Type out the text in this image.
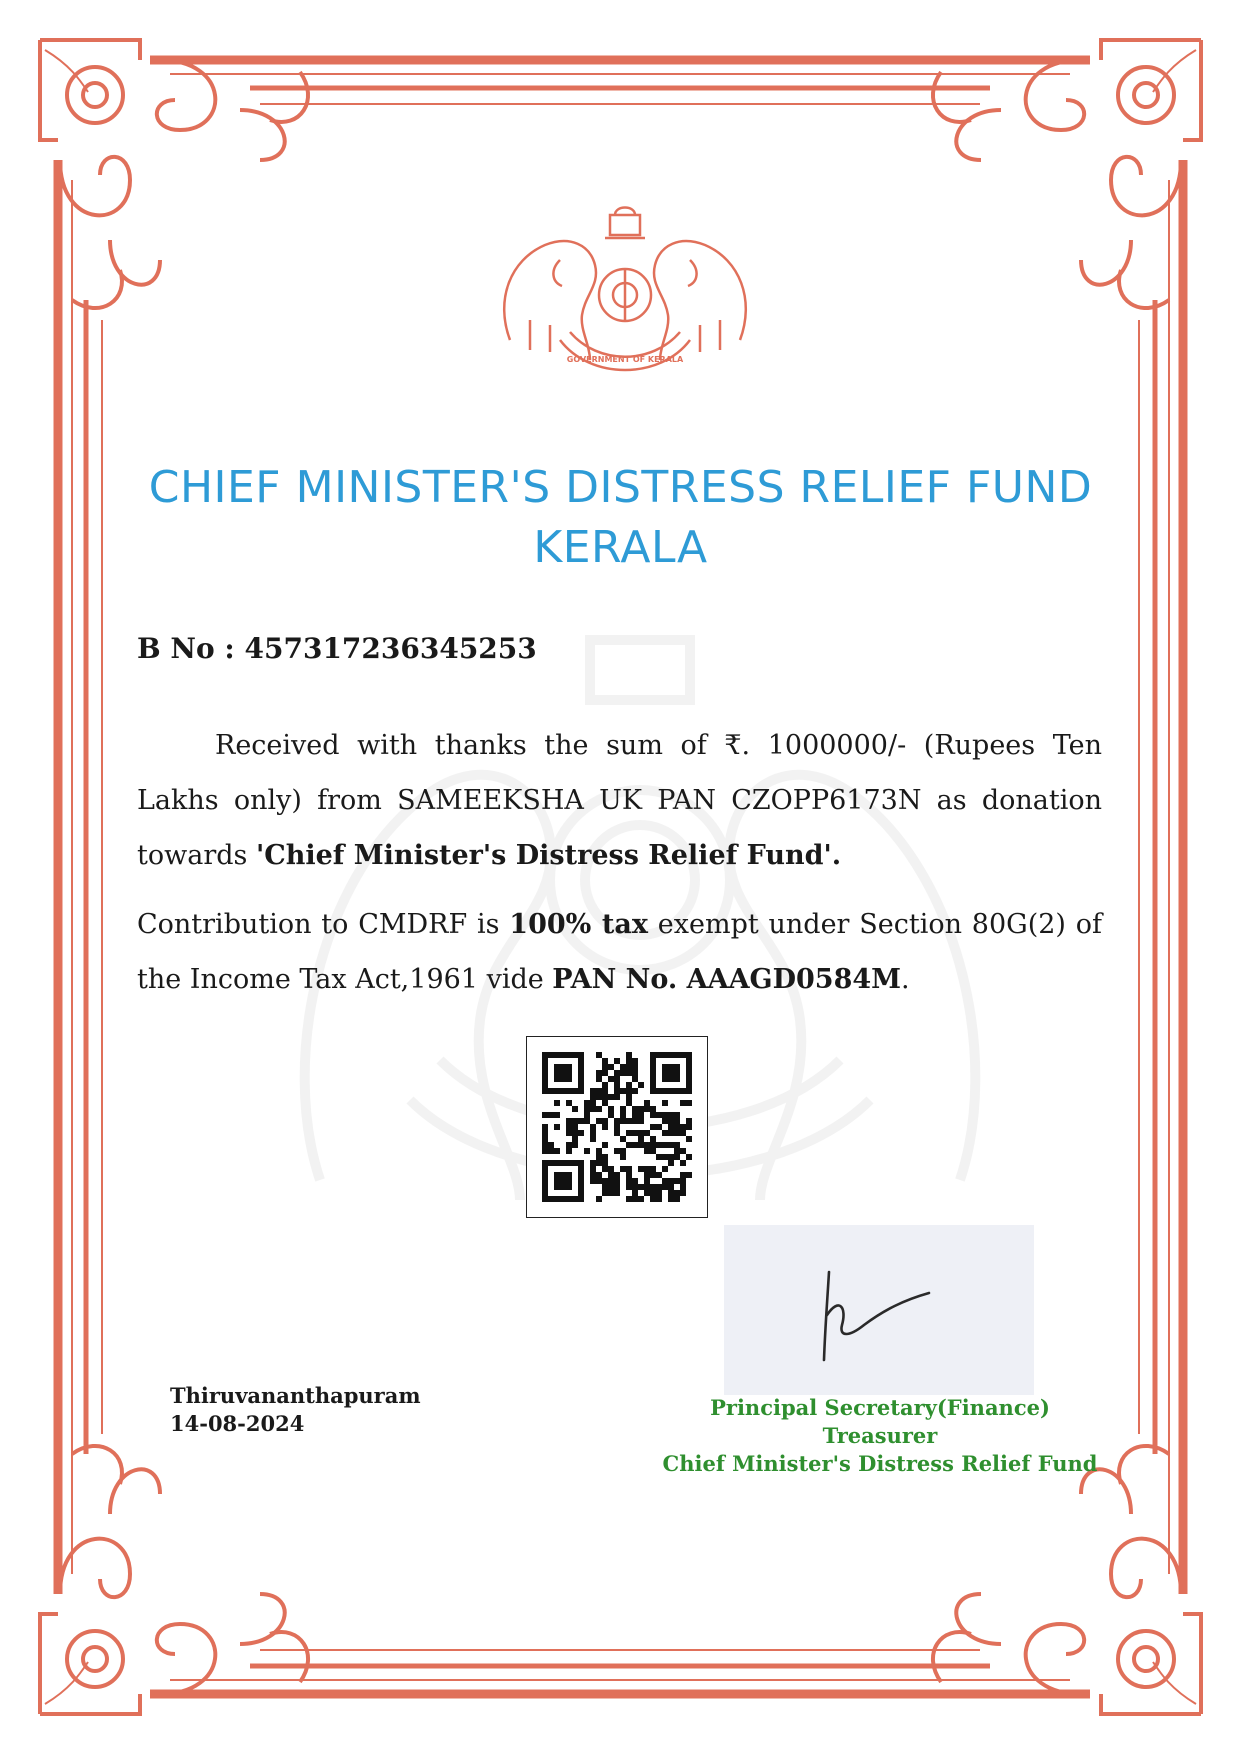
GOVERNMENT OF KERALA
CHIEF MINISTER'S DISTRESS RELIEF FUND
KERALA
B No : 457317236345253
Received with thanks the sum of ₹. 1000000/- (Rupees Ten Lakhs only) from SAMEEKSHA UK PAN CZOPP6173N as donation towards 'Chief Minister's Distress Relief Fund'.
Contribution to CMDRF is 100% tax exempt under Section 80G(2) of the Income Tax Act,1961 vide PAN No. AAAGD0584M.
Thiruvananthapuram
14-08-2024
Principal Secretary(Finance)
Treasurer
Chief Minister's Distress Relief Fund
